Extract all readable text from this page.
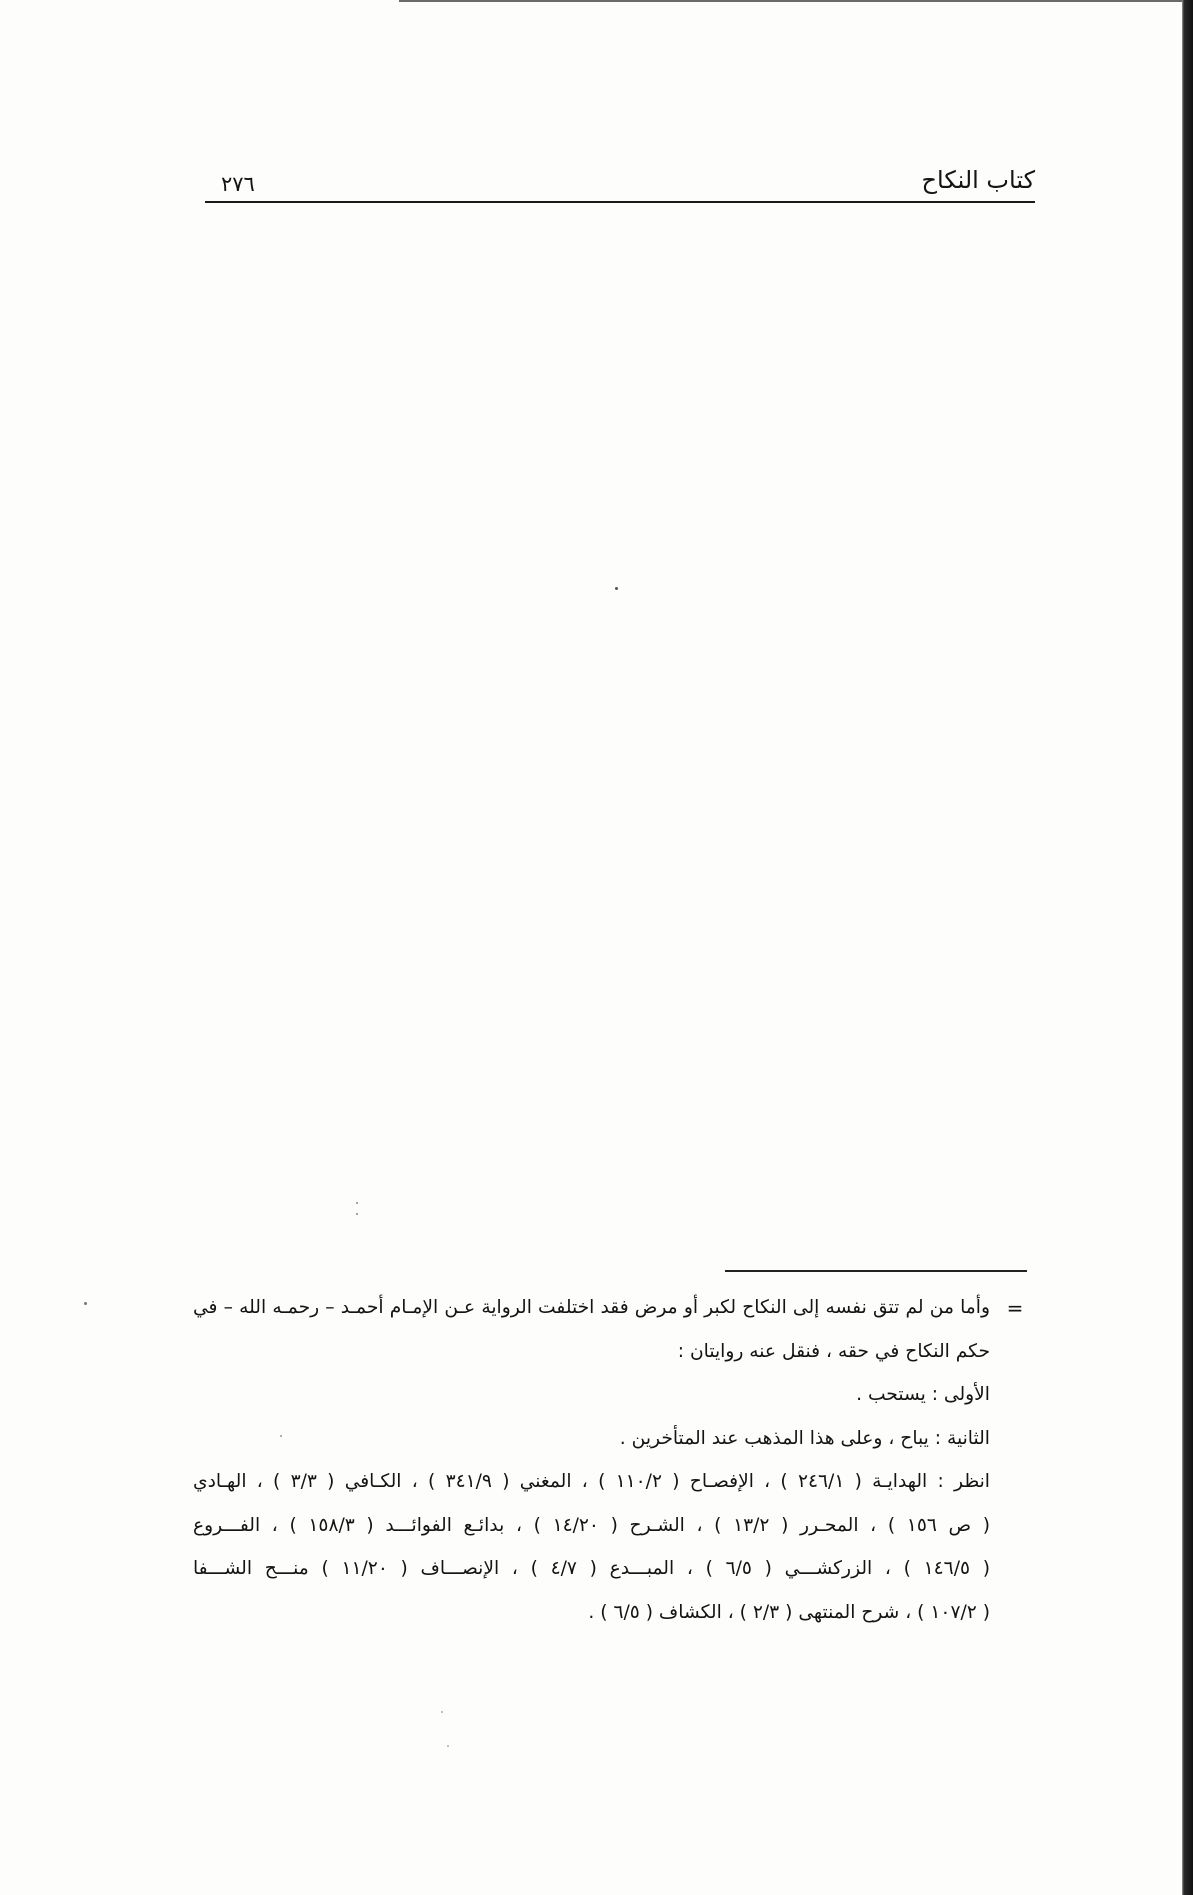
كتاب النكاح
٢٧٦
=
وأما من لم تتق نفسه إلى النكاح لكبر أو مرض فقد اختلفت الرواية عـن الإمـام أحمـد – رحمـه الله – في
حكم النكاح في حقه ، فنقل عنه روايتان :
الأولى : يستحب .
الثانية : يباح ، وعلى هذا المذهب عند المتأخرين .
انظر : الهدايـة ( ٢٤٦/١ ) ، الإفصـاح ( ١١٠/٢ ) ، المغني ( ٣٤١/٩ ) ، الكـافي ( ٣/٣ ) ، الهـادي
( ص ١٥٦ ) ، المحـرر ( ١٣/٢ ) ، الشـرح ( ١٤/٢٠ ) ، بدائـع الفوائـــد ( ١٥٨/٣ ) ، الفـــروع
( ١٤٦/٥ ) ، الزركشـــي ( ٦/٥ ) ، المبـــدع ( ٤/٧ ) ، الإنصـــاف ( ١١/٢٠ ) منـــح الشـــفا
( ١٠٧/٢ ) ، شرح المنتهى ( ٢/٣ ) ، الكشاف ( ٦/٥ ) .
